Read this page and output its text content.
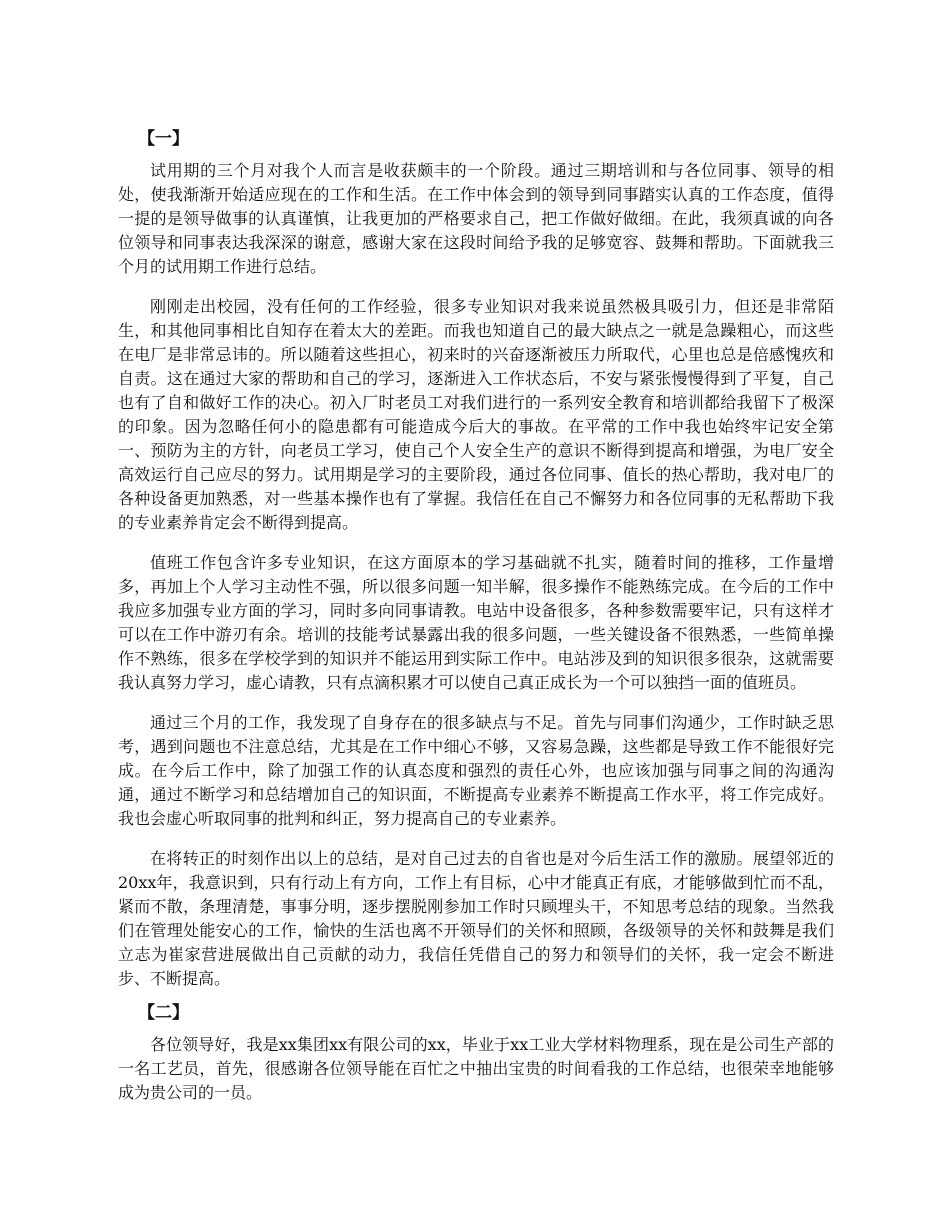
【一】

试用期的三个月对我个人而言是收获颇丰的一个阶段。通过三期培训和与各位同事、领导的相处，使我渐渐开始适应现在的工作和生活。在工作中体会到的领导到同事踏实认真的工作态度，值得一提的是领导做事的认真谨慎，让我更加的严格要求自己，把工作做好做细。在此，我须真诚的向各位领导和同事表达我深深的谢意，感谢大家在这段时间给予我的足够宽容、鼓舞和帮助。下面就我三个月的试用期工作进行总结。

刚刚走出校园，没有任何的工作经验，很多专业知识对我来说虽然极具吸引力，但还是非常陌生，和其他同事相比自知存在着太大的差距。而我也知道自己的最大缺点之一就是急躁粗心，而这些在电厂是非常忌讳的。所以随着这些担心，初来时的兴奋逐渐被压力所取代，心里也总是倍感愧疚和自责。这在通过大家的帮助和自己的学习，逐渐进入工作状态后，不安与紧张慢慢得到了平复，自己也有了自和做好工作的决心。初入厂时老员工对我们进行的一系列安全教育和培训都给我留下了极深的印象。因为忽略任何小的隐患都有可能造成今后大的事故。在平常的工作中我也始终牢记安全第一、预防为主的方针，向老员工学习，使自己个人安全生产的意识不断得到提高和增强，为电厂安全高效运行自己应尽的努力。试用期是学习的主要阶段，通过各位同事、值长的热心帮助，我对电厂的各种设备更加熟悉，对一些基本操作也有了掌握。我信任在自己不懈努力和各位同事的无私帮助下我的专业素养肯定会不断得到提高。

值班工作包含许多专业知识，在这方面原本的学习基础就不扎实，随着时间的推移，工作量增多，再加上个人学习主动性不强，所以很多问题一知半解，很多操作不能熟练完成。在今后的工作中我应多加强专业方面的学习，同时多向同事请教。电站中设备很多，各种参数需要牢记，只有这样才可以在工作中游刃有余。培训的技能考试暴露出我的很多问题，一些关键设备不很熟悉，一些简单操作不熟练，很多在学校学到的知识并不能运用到实际工作中。电站涉及到的知识很多很杂，这就需要我认真努力学习，虚心请教，只有点滴积累才可以使自己真正成长为一个可以独挡一面的值班员。

通过三个月的工作，我发现了自身存在的很多缺点与不足。首先与同事们沟通少，工作时缺乏思考，遇到问题也不注意总结，尤其是在工作中细心不够，又容易急躁，这些都是导致工作不能很好完成。在今后工作中，除了加强工作的认真态度和强烈的责任心外，也应该加强与同事之间的沟通沟通，通过不断学习和总结增加自己的知识面，不断提高专业素养不断提高工作水平，将工作完成好。我也会虚心听取同事的批判和纠正，努力提高自己的专业素养。

在将转正的时刻作出以上的总结，是对自己过去的自省也是对今后生活工作的激励。展望邻近的20xx年，我意识到，只有行动上有方向，工作上有目标，心中才能真正有底，才能够做到忙而不乱，紧而不散，条理清楚，事事分明，逐步摆脱刚参加工作时只顾埋头干，不知思考总结的现象。当然我们在管理处能安心的工作，愉快的生活也离不开领导们的关怀和照顾，各级领导的关怀和鼓舞是我们立志为崔家营进展做出自己贡献的动力，我信任凭借自己的努力和领导们的关怀，我一定会不断进步、不断提高。

【二】

各位领导好，我是xx集团xx有限公司的xx，毕业于xx工业大学材料物理系，现在是公司生产部的一名工艺员，首先，很感谢各位领导能在百忙之中抽出宝贵的时间看我的工作总结，也很荣幸地能够成为贵公司的一员。
